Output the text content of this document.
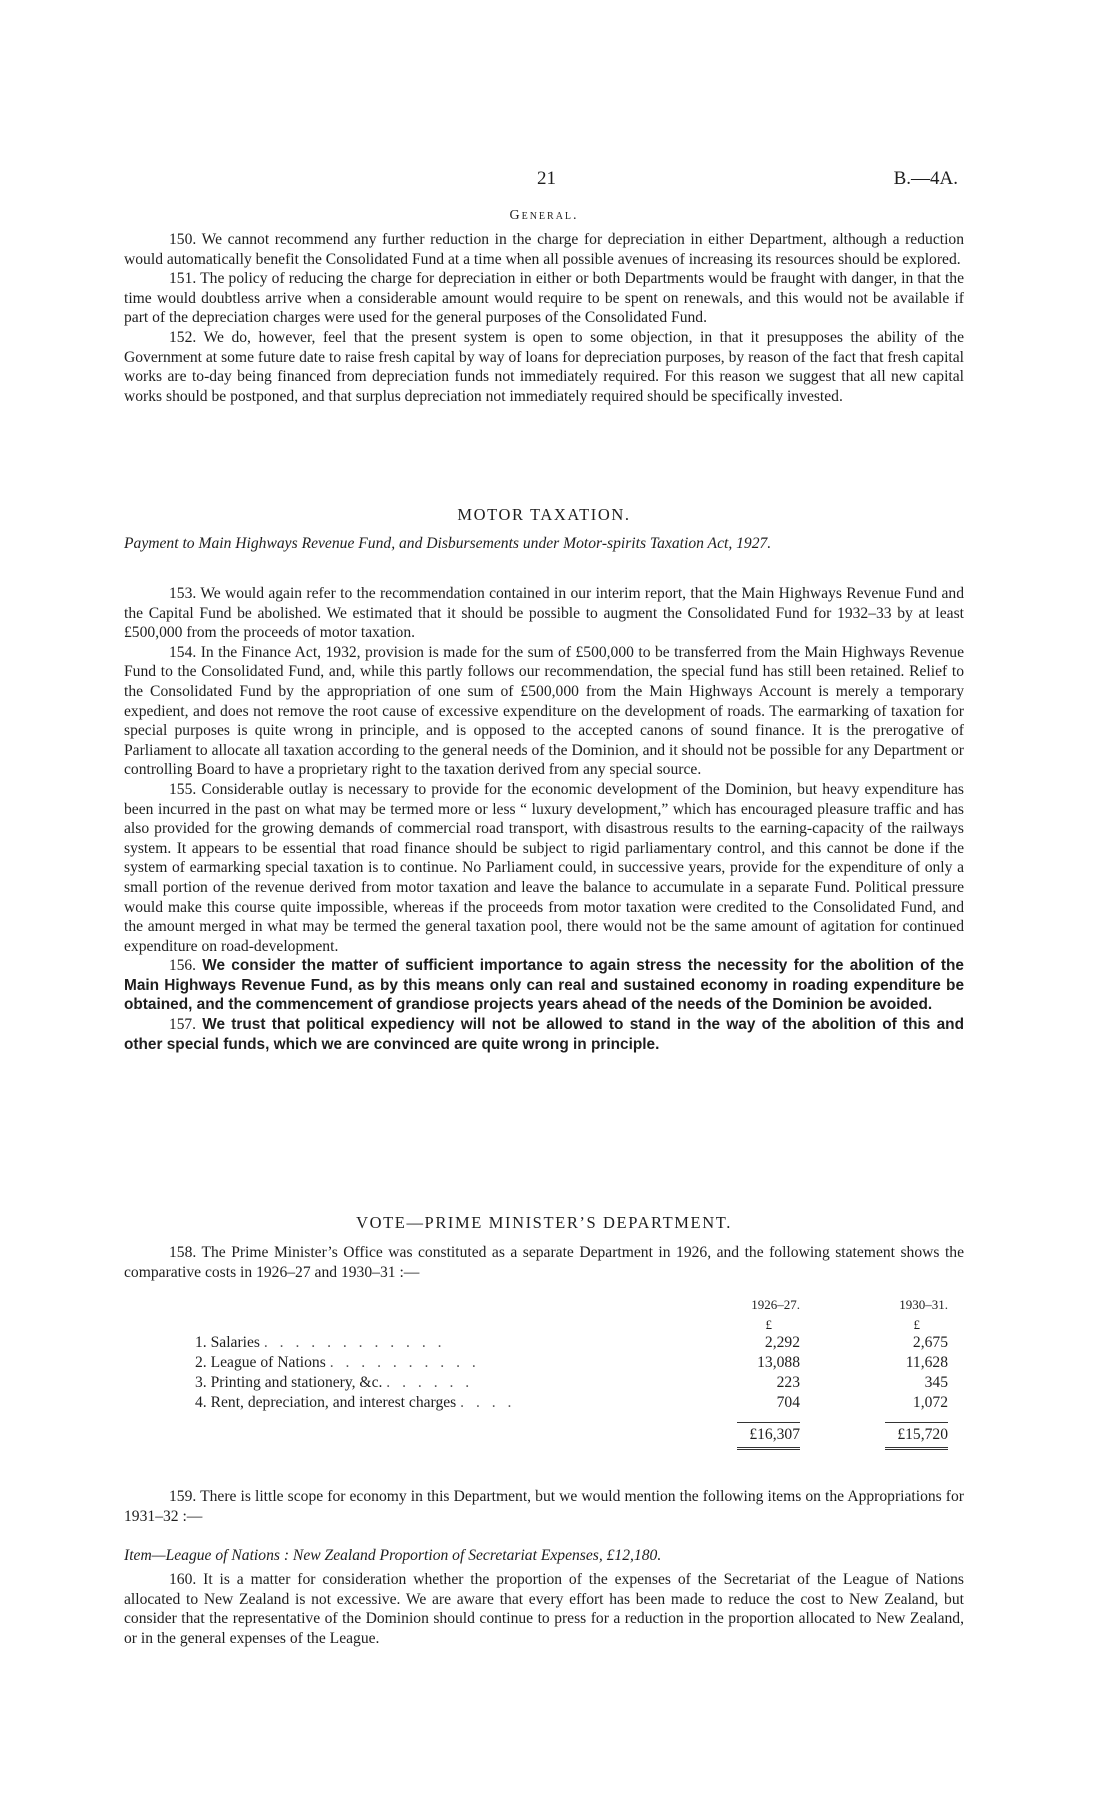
21	B.—4A.

General.

150. We cannot recommend any further reduction in the charge for depreciation in either Department, although a reduction would automatically benefit the Consolidated Fund at a time when all possible avenues of increasing its resources should be explored.

151. The policy of reducing the charge for depreciation in either or both Departments would be fraught with danger, in that the time would doubtless arrive when a considerable amount would require to be spent on renewals, and this would not be available if part of the depreciation charges were used for the general purposes of the Consolidated Fund.

152. We do, however, feel that the present system is open to some objection, in that it presupposes the ability of the Government at some future date to raise fresh capital by way of loans for depreciation purposes, by reason of the fact that fresh capital works are to-day being financed from depreciation funds not immediately required. For this reason we suggest that all new capital works should be postponed, and that surplus depreciation not immediately required should be specifically invested.

MOTOR TAXATION.
Payment to Main Highways Revenue Fund, and Disbursements under Motor-spirits Taxation Act, 1927.

153. We would again refer to the recommendation contained in our interim report, that the Main Highways Revenue Fund and the Capital Fund be abolished. We estimated that it should be possible to augment the Consolidated Fund for 1932–33 by at least £500,000 from the proceeds of motor taxation.

154. In the Finance Act, 1932, provision is made for the sum of £500,000 to be transferred from the Main Highways Revenue Fund to the Consolidated Fund, and, while this partly follows our recommendation, the special fund has still been retained. Relief to the Consolidated Fund by the appropriation of one sum of £500,000 from the Main Highways Account is merely a temporary expedient, and does not remove the root cause of excessive expenditure on the development of roads. The earmarking of taxation for special purposes is quite wrong in principle, and is opposed to the accepted canons of sound finance. It is the prerogative of Parliament to allocate all taxation according to the general needs of the Dominion, and it should not be possible for any Department or controlling Board to have a proprietary right to the taxation derived from any special source.

155. Considerable outlay is necessary to provide for the economic development of the Dominion, but heavy expenditure has been incurred in the past on what may be termed more or less “ luxury development,” which has encouraged pleasure traffic and has also provided for the growing demands of commercial road transport, with disastrous results to the earning-capacity of the railways system. It appears to be essential that road finance should be subject to rigid parliamentary control, and this cannot be done if the system of earmarking special taxation is to continue. No Parliament could, in successive years, provide for the expenditure of only a small portion of the revenue derived from motor taxation and leave the balance to accumulate in a separate Fund. Political pressure would make this course quite impossible, whereas if the proceeds from motor taxation were credited to the Consolidated Fund, and the amount merged in what may be termed the general taxation pool, there would not be the same amount of agitation for continued expenditure on road-development.

156. We consider the matter of sufficient importance to again stress the necessity for the abolition of the Main Highways Revenue Fund, as by this means only can real and sustained economy in roading expenditure be obtained, and the commencement of grandiose projects years ahead of the needs of the Dominion be avoided.

157. We trust that political expediency will not be allowed to stand in the way of the abolition of this and other special funds, which we are convinced are quite wrong in principle.

VOTE—PRIME MINISTER’S DEPARTMENT.

158. The Prime Minister’s Office was constituted as a separate Department in 1926, and the following statement shows the comparative costs in 1926–27 and 1930–31 :—

	1926–27.	1930–31.
	£	£
1. Salaries . . . . . . . . . . . .	2,292	2,675
2. League of Nations . . . . . . . . . .	13,088	11,628
3. Printing and stationery, &c. . . . . . .	223	345
4. Rent, depreciation, and interest charges . . . .	704	1,072
	£16,307	£15,720

159. There is little scope for economy in this Department, but we would mention the following items on the Appropriations for 1931–32 :—

Item—League of Nations : New Zealand Proportion of Secretariat Expenses, £12,180.

160. It is a matter for consideration whether the proportion of the expenses of the Secretariat of the League of Nations allocated to New Zealand is not excessive. We are aware that every effort has been made to reduce the cost to New Zealand, but consider that the representative of the Dominion should continue to press for a reduction in the proportion allocated to New Zealand, or in the general expenses of the League.
